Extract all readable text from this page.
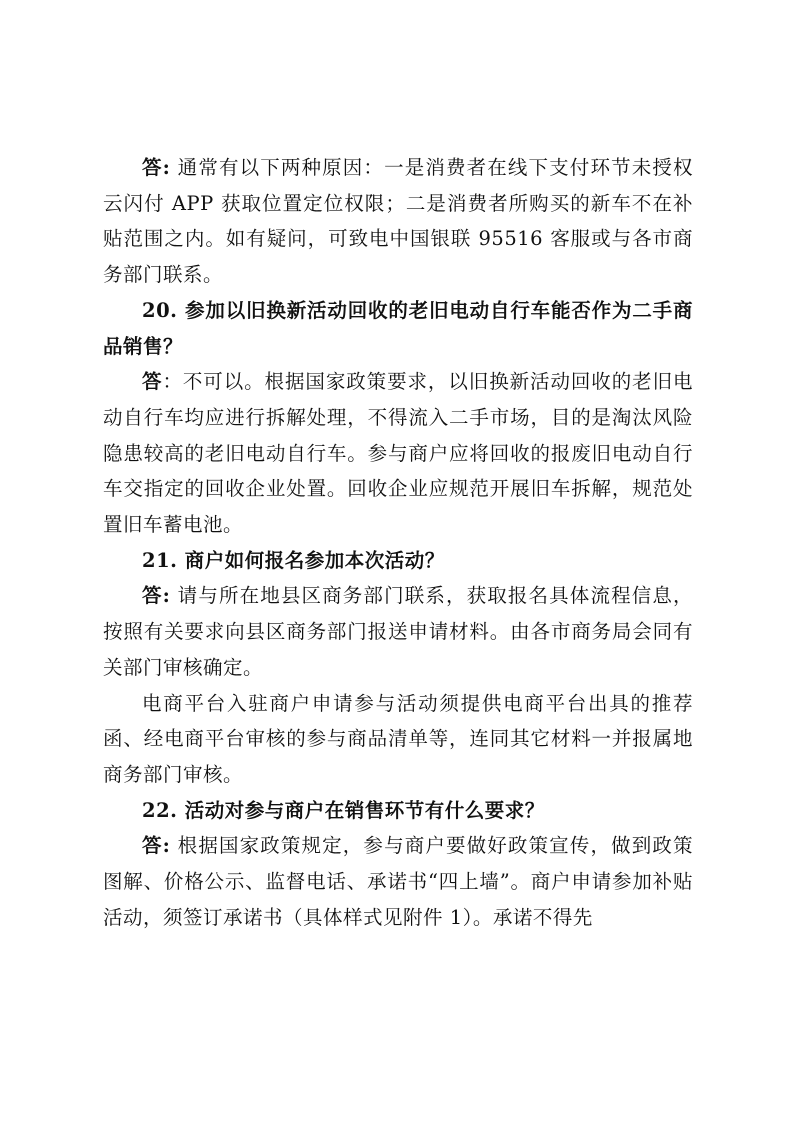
答: 通常有以下两种原因：一是消费者在线下支付环节未授权云闪付 APP 获取位置定位权限；二是消费者所购买的新车不在补贴范围之内。如有疑问，可致电中国银联 95516 客服或与各市商务部门联系。

20. 参加以旧换新活动回收的老旧电动自行车能否作为二手商品销售？

答：不可以。根据国家政策要求，以旧换新活动回收的老旧电动自行车均应进行拆解处理，不得流入二手市场，目的是淘汰风险隐患较高的老旧电动自行车。参与商户应将回收的报废旧电动自行车交指定的回收企业处置。回收企业应规范开展旧车拆解，规范处置旧车蓄电池。

21. 商户如何报名参加本次活动？

答: 请与所在地县区商务部门联系，获取报名具体流程信息，按照有关要求向县区商务部门报送申请材料。由各市商务局会同有关部门审核确定。

电商平台入驻商户申请参与活动须提供电商平台出具的推荐函、经电商平台审核的参与商品清单等，连同其它材料一并报属地商务部门审核。

22. 活动对参与商户在销售环节有什么要求？

答: 根据国家政策规定，参与商户要做好政策宣传，做到政策图解、价格公示、监督电话、承诺书“四上墙”。商户申请参加补贴活动，须签订承诺书（具体样式见附件 1）。承诺不得先
